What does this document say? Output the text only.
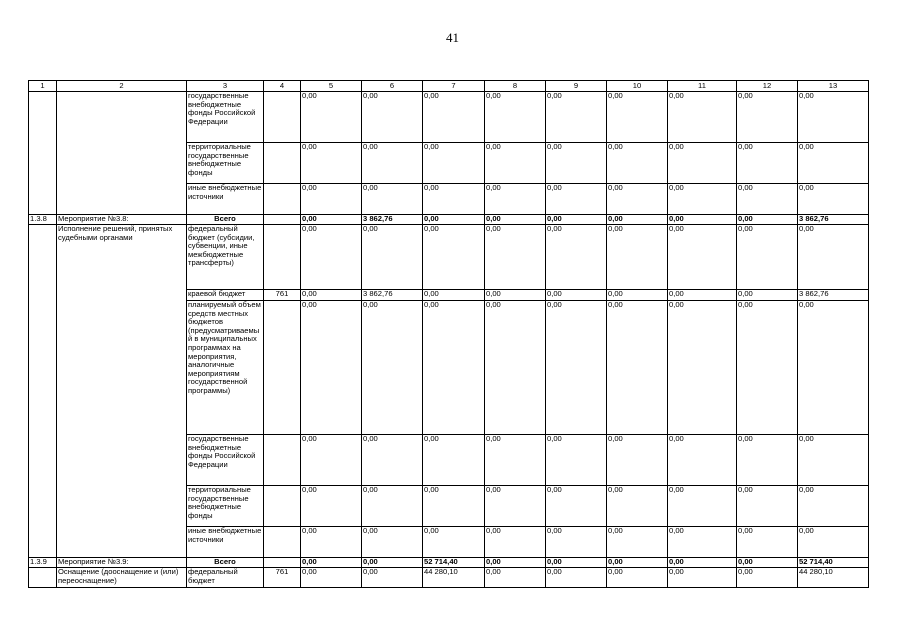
41
1	2	3	4	5	6	7	8	9	10	11	12	13
		государственные внебюджетные фонды Российской Федерации		0,00	0,00	0,00	0,00	0,00	0,00	0,00	0,00	0,00
		территориальные государственные внебюджетные фонды		0,00	0,00	0,00	0,00	0,00	0,00	0,00	0,00	0,00
		иные внебюджетные источники		0,00	0,00	0,00	0,00	0,00	0,00	0,00	0,00	0,00
1.3.8	Мероприятие №3.8:	Всего		0,00	3 862,76	0,00	0,00	0,00	0,00	0,00	0,00	3 862,76
	Исполнение решений, принятых судебными органами	федеральный бюджет (субсидии, субвенции, иные межбюджетные трансферты)		0,00	0,00	0,00	0,00	0,00	0,00	0,00	0,00	0,00
		краевой бюджет	761	0,00	3 862,76	0,00	0,00	0,00	0,00	0,00	0,00	3 862,76
		планируемый объем средств местных бюджетов (предусматриваемый в муниципальных программах на мероприятия, аналогичные мероприятиям государственной программы)		0,00	0,00	0,00	0,00	0,00	0,00	0,00	0,00	0,00
		государственные внебюджетные фонды Российской Федерации		0,00	0,00	0,00	0,00	0,00	0,00	0,00	0,00	0,00
		территориальные государственные внебюджетные фонды		0,00	0,00	0,00	0,00	0,00	0,00	0,00	0,00	0,00
		иные внебюджетные источники		0,00	0,00	0,00	0,00	0,00	0,00	0,00	0,00	0,00
1.3.9	Мероприятие №3.9:	Всего		0,00	0,00	52 714,40	0,00	0,00	0,00	0,00	0,00	52 714,40
	Оснащение (дооснащение и (или) переоснащение)	федеральный бюджет	761	0,00	0,00	44 280,10	0,00	0,00	0,00	0,00	0,00	44 280,10
